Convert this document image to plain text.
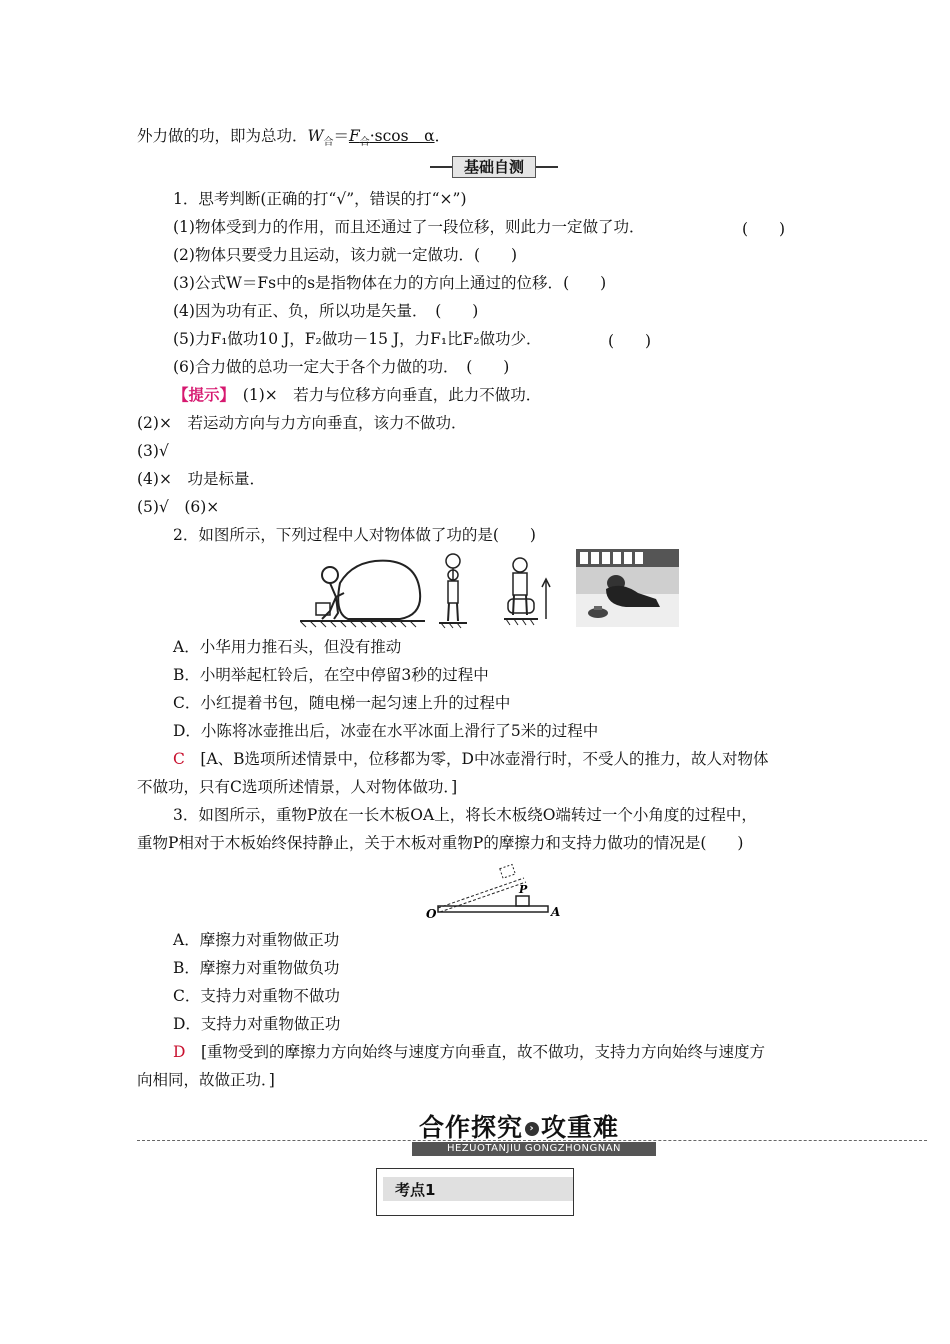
外力做的功，即为总功．$W_合=F_合\cdot scos$　α．
基础自测
1．思考判断(正确的打“√”，错误的打“×”)
(1)物体受到力的作用，而且还通过了一段位移，则此力一定做了功．	(　　)
(2)物体只要受力且运动，该力就一定做功．(　　)
(3)公式W＝Fs中的s是指物体在力的方向上通过的位移．(　　)
(4)因为功有正、负，所以功是矢量．　 (　　)
(5)力F₁做功10 J，F₂做功－15 J，力F₁比F₂做功少．	(　　)
(6)合力做的总功一定大于各个力做的功．　 (　　)
【提示】　 (1)×　若力与位移方向垂直，此力不做功．
(2)×　若运动方向与力方向垂直，该力不做功．
(3)√
(4)×　功是标量．
(5)√　(6)×
2．如图所示，下列过程中人对物体做了功的是(　　)
A．小华用力推石头，但没有推动
B．小明举起杠铃后，在空中停留3秒的过程中
C．小红提着书包，随电梯一起匀速上升的过程中
D．小陈将冰壶推出后，冰壶在水平冰面上滑行了5米的过程中
C　 [A、B选项所述情景中，位移都为零，D中冰壶滑行时，不受人的推力，故人对物体
不做功，只有C选项所述情景，人对物体做功．]
3．如图所示，重物P放在一长木板OA上，将长木板绕O端转过一个小角度的过程中，
重物P相对于木板始终保持静止，关于木板对重物P的摩擦力和支持力做功的情况是(　　)
O	A
P
A．摩擦力对重物做正功
B．摩擦力对重物做负功
C．支持力对重物不做功
D．支持力对重物做正功
D　 [重物受到的摩擦力方向始终与速度方向垂直，故不做功，支持力方向始终与速度方
向相同，故做正功．]
合作探究 › 攻重难
HEZUOTANJIU GONGZHONGNAN
考点1
